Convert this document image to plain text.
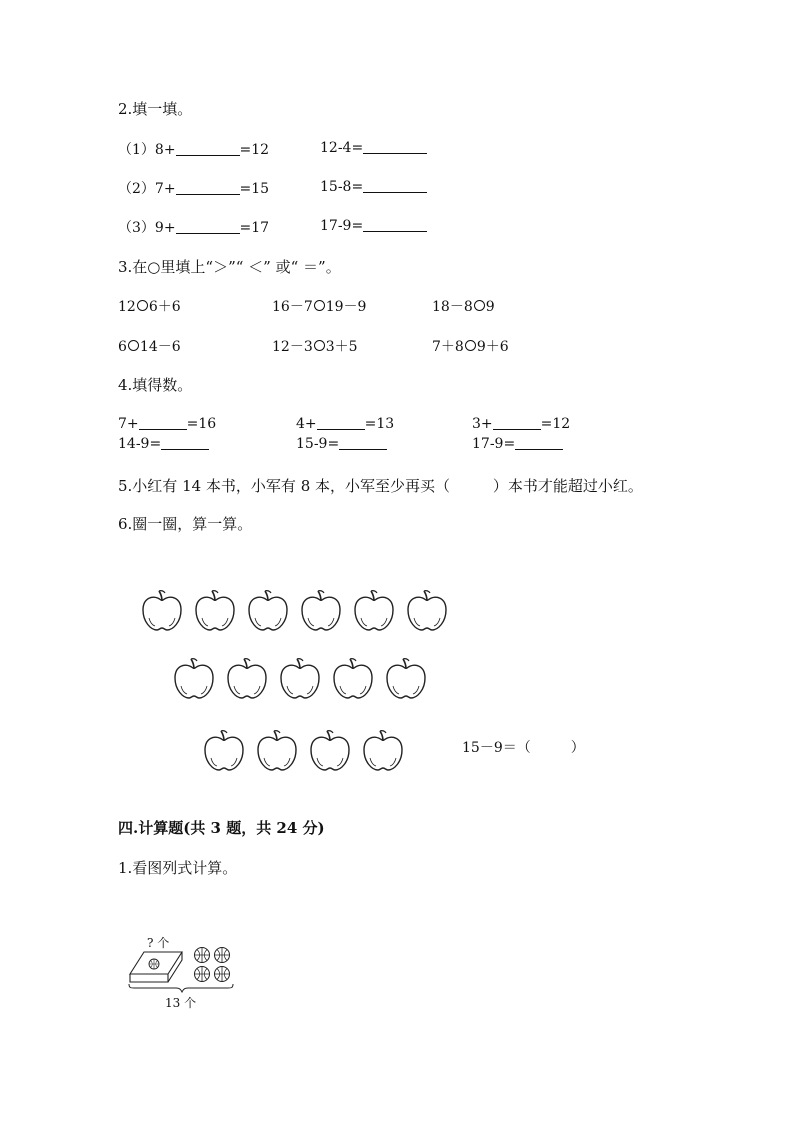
2.填一填。
（1）8+	=12	12-4=
（2）7+	=15	15-8=
（3）9+	=17	17-9=
3.在○里填上“＞”“ ＜” 或“ ＝”。
12 6＋6	16－7 19－9	18－8 9
6 14－6	12－3 3＋5	7＋8 9＋6
4.填得数。
7+	=16	4+	=13	3+	=12
14-9=	15-9=	17-9=
5.小红有 14 本书，小军有 8 本，小军至少再买（         ）本书才能超过小红。
6.圈一圈，算一算。
15－9＝（         ）
四.计算题(共 3 题，共 24 分)
1.看图列式计算。
? 个
13 个
